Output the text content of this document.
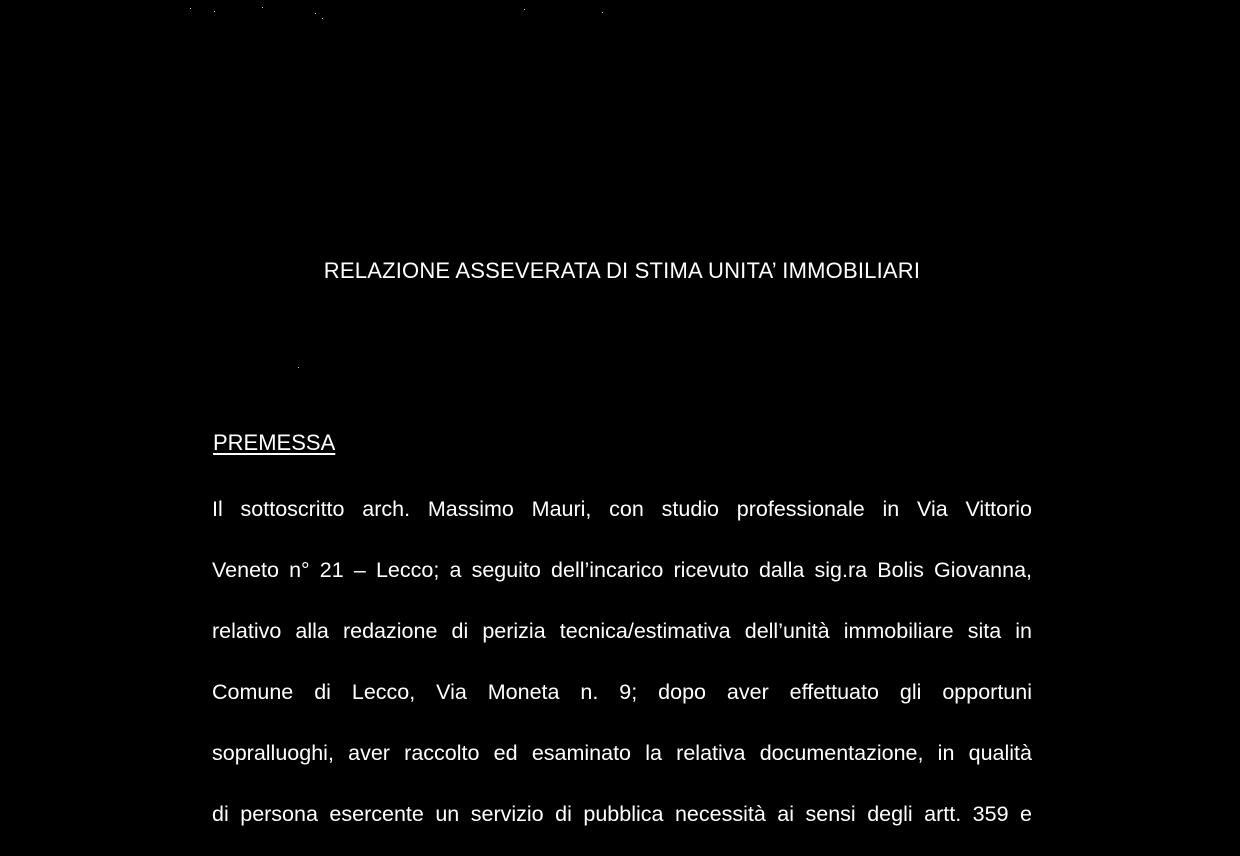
RELAZIONE ASSEVERATA DI STIMA UNITA’ IMMOBILIARI
PREMESSA
Il sottoscritto arch. Massimo Mauri, con studio professionale in Via Vittorio
Veneto n° 21 – Lecco; a seguito dell’incarico ricevuto dalla sig.ra Bolis Giovanna,
relativo alla redazione di perizia tecnica/estimativa dell’unità immobiliare sita in
Comune di Lecco, Via Moneta n. 9; dopo aver effettuato gli opportuni
sopralluoghi, aver raccolto ed esaminato la relativa documentazione, in qualità
di persona esercente un servizio di pubblica necessità ai sensi degli artt. 359 e
